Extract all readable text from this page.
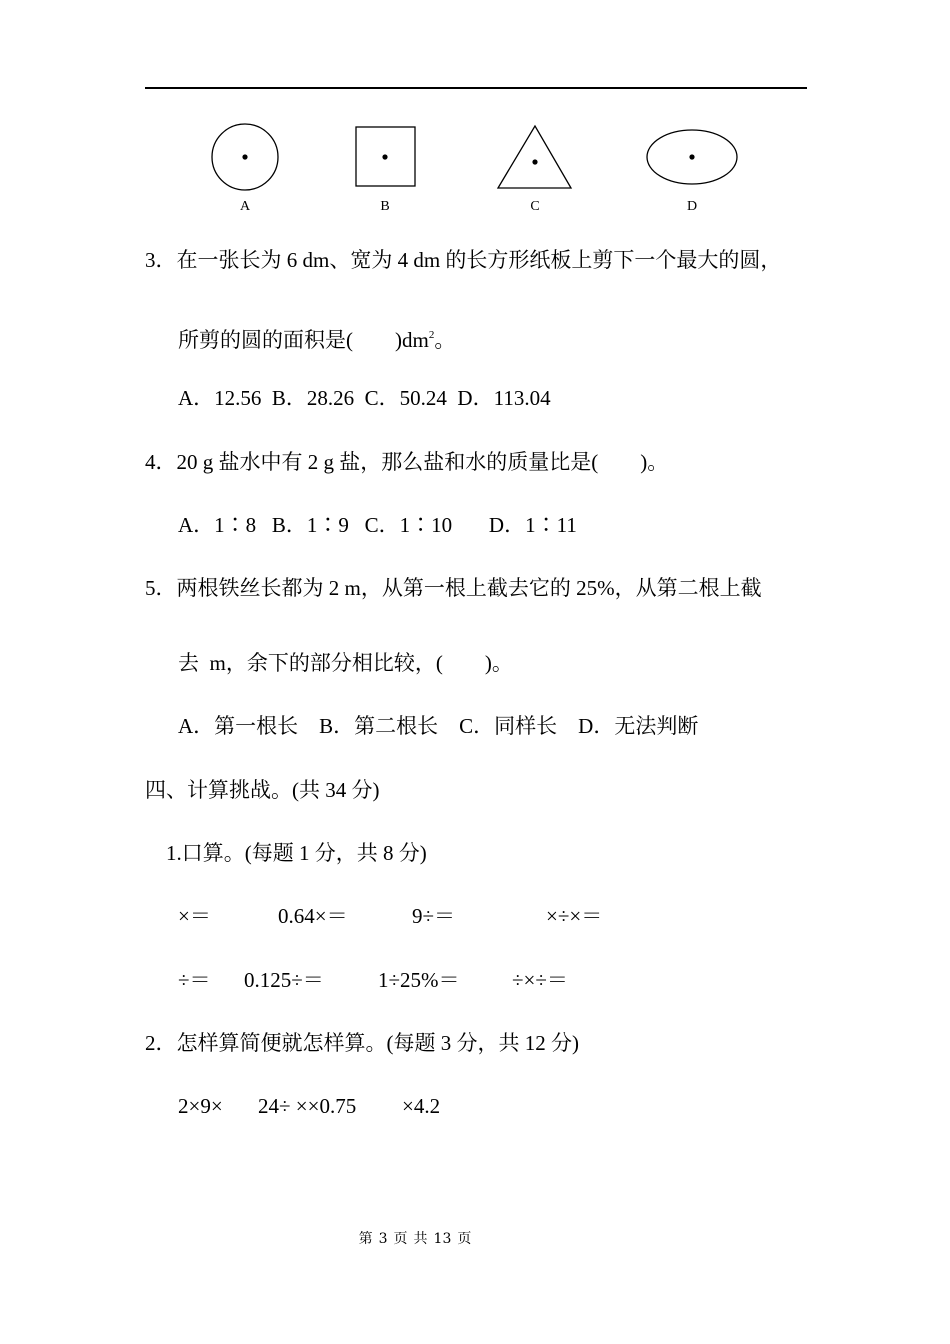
A	B	C	D
3．在一张长为 6 dm、宽为 4 dm 的长方形纸板上剪下一个最大的圆，
所剪的圆的面积是(　　)$dm^2$。
A．12.56  B．28.26  C．50.24  D．113.04
4．20 g 盐水中有 2 g 盐，那么盐和水的质量比是(　　)。
A．1∶8   B．1∶9   C．1∶10       D．1∶11
5．两根铁丝长都为 2 m，从第一根上截去它的 25%，从第二根上截
去  m，余下的部分相比较，(　　)。
A．第一根长　B．第二根长　C．同样长　D．无法判断
四、计算挑战。(共 34 分)
1.口算。(每题 1 分，共 8 分)
×＝	0.64×＝	9÷＝	×÷×＝
÷＝ 0.125÷＝	1÷25%＝ ÷×÷＝
2．怎样算简便就怎样算。(每题 3 分，共 12 分)
2×9× 24÷ ××0.75 ×4.2
第 3 页 共 13 页
